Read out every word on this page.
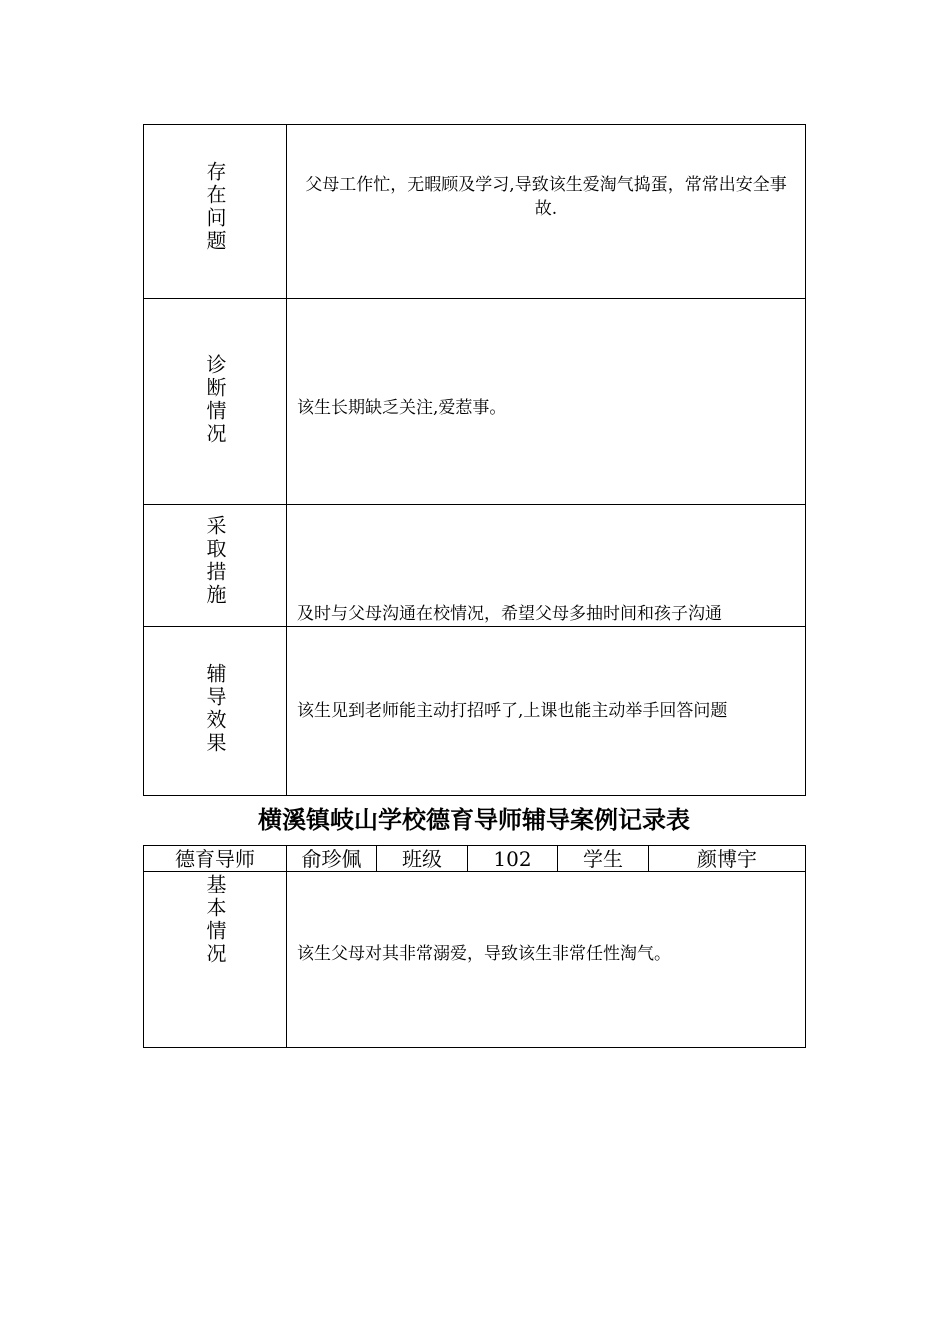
存在问题	父母工作忙，无暇顾及学习,导致该生爱淘气捣蛋，常常出安全事故.
诊断情况	该生长期缺乏关注,爱惹事。
采取措施	及时与父母沟通在校情况，希望父母多抽时间和孩子沟通
辅导效果	该生见到老师能主动打招呼了,上课也能主动举手回答问题
横溪镇岐山学校德育导师辅导案例记录表
德育导师	俞珍佩	班级	102	学生	颜博宇
基本情况	该生父母对其非常溺爱，导致该生非常任性淘气。				
